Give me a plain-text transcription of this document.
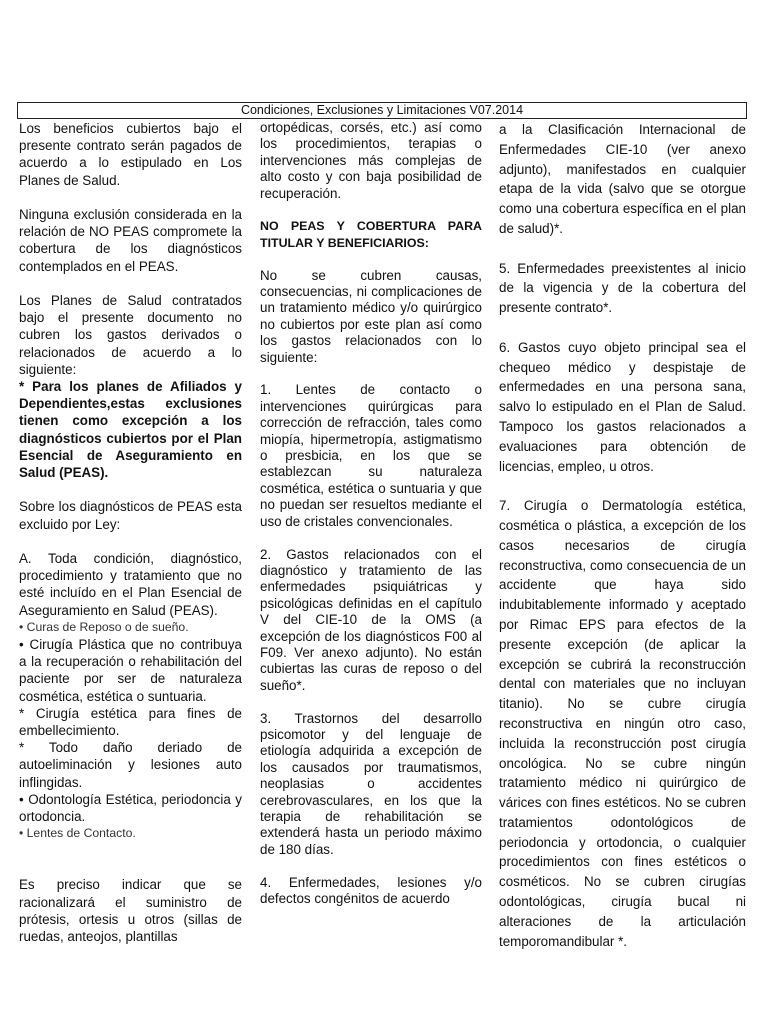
Condiciones, Exclusiones y Limitaciones V07.2014

Los beneficios cubiertos bajo el presente contrato serán pagados de acuerdo a lo estipulado en Los Planes de Salud.

Ninguna exclusión considerada en la relación de NO PEAS compromete la cobertura de los diagnósticos contemplados en el PEAS.

Los Planes de Salud contratados bajo el presente documento no cubren los gastos derivados o relacionados de acuerdo a lo siguiente:

* Para los planes de Afiliados y Dependientes,estas exclusiones tienen como excepción a los diagnósticos cubiertos por el Plan Esencial de Aseguramiento en Salud (PEAS).

Sobre los diagnósticos de PEAS esta excluido por Ley:

A. Toda condición, diagnóstico, procedimiento y tratamiento que no esté incluído en el Plan Esencial de Aseguramiento en Salud (PEAS).

• Curas de Reposo o de sueño.

• Cirugía Plástica que no contribuya a la recuperación o rehabilitación del paciente por ser de naturaleza cosmética, estética o suntuaria.

* Cirugía estética para fines de embellecimiento.

* Todo daño deriado de autoeliminación y lesiones auto inflingidas.

• Odontología Estética, periodoncia y ortodoncia.

• Lentes de Contacto.

Es preciso indicar que se racionalizará el suministro de prótesis, ortesis u otros (sillas de ruedas, anteojos, plantillas

ortopédicas, corsés, etc.) así como los procedimientos, terapias o intervenciones más complejas de alto costo y con baja posibilidad de recuperación.

NO PEAS Y COBERTURA PARA TITULAR Y BENEFICIARIOS:

No se cubren causas, consecuencias, ni complicaciones de un tratamiento médico y/o quirúrgico no cubiertos por este plan así como los gastos relacionados con lo siguiente:

1. Lentes de contacto o intervenciones quirúrgicas para corrección de refracción, tales como miopía, hipermetropía, astigmatismo o presbicia, en los que se establezcan su naturaleza cosmética, estética o suntuaria y que no puedan ser resueltos mediante el uso de cristales convencionales.

2. Gastos relacionados con el diagnóstico y tratamiento de las enfermedades psiquiátricas y psicológicas definidas en el capítulo V del CIE-10 de la OMS (a excepción de los diagnósticos F00 al F09. Ver anexo adjunto). No están cubiertas las curas de reposo o del sueño*.

3. Trastornos del desarrollo psicomotor y del lenguaje de etiología adquirida a excepción de los causados por traumatismos, neoplasias o accidentes cerebrovasculares, en los que la terapia de rehabilitación se extenderá hasta un periodo máximo de 180 días.

4. Enfermedades, lesiones y/o defectos congénitos de acuerdo

a la Clasificación Internacional de Enfermedades CIE-10 (ver anexo adjunto), manifestados en cualquier etapa de la vida (salvo que se otorgue como una cobertura específica en el plan de salud)*.

5. Enfermedades preexistentes al inicio de la vigencia y de la cobertura del presente contrato*.

6. Gastos cuyo objeto principal sea el chequeo médico y despistaje de enfermedades en una persona sana, salvo lo estipulado en el Plan de Salud. Tampoco los gastos relacionados a evaluaciones para obtención de licencias, empleo, u otros.

7. Cirugía o Dermatología estética, cosmética o plástica, a excepción de los casos necesarios de cirugía reconstructiva, como consecuencia de un accidente que haya sido indubitablemente informado y aceptado por Rimac EPS para efectos de la presente excepción (de aplicar la excepción se cubrirá la reconstrucción dental con materiales que no incluyan titanio). No se cubre cirugía reconstructiva en ningún otro caso, incluida la reconstrucción post cirugía oncológica. No se cubre ningún tratamiento médico ni quirúrgico de várices con fines estéticos. No se cubren tratamientos odontológicos de periodoncia y ortodoncia, o cualquier procedimientos con fines estéticos o cosméticos. No se cubren cirugías odontológicas, cirugía bucal ni alteraciones de la articulación temporomandibular *.
